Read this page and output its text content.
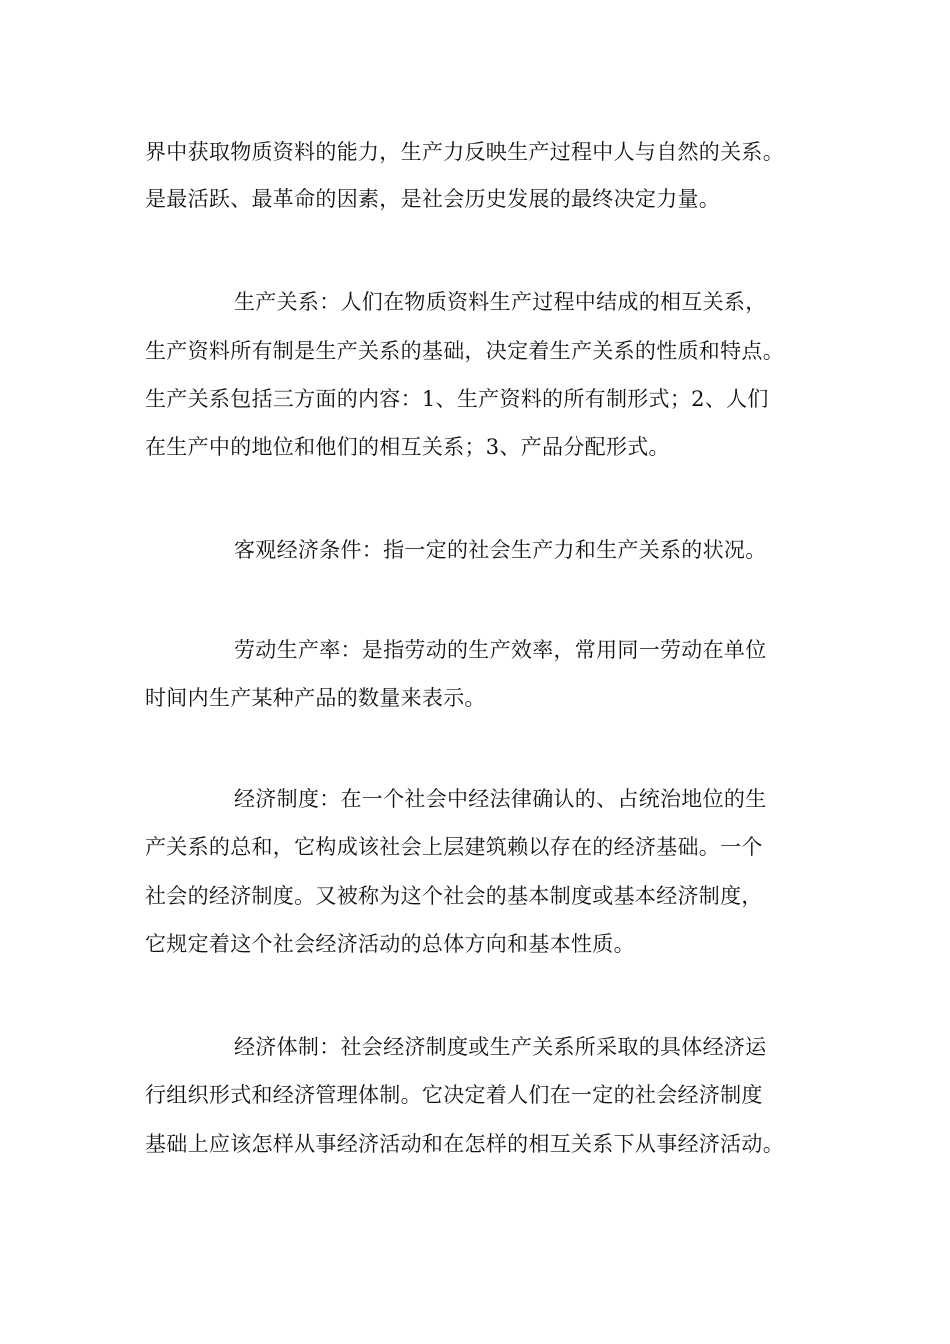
界中获取物质资料的能力，生产力反映生产过程中人与自然的关系。
是最活跃、最革命的因素，是社会历史发展的最终决定力量。
生产关系：人们在物质资料生产过程中结成的相互关系，
生产资料所有制是生产关系的基础，决定着生产关系的性质和特点。
生产关系包括三方面的内容：1、生产资料的所有制形式；2、人们
在生产中的地位和他们的相互关系；3、产品分配形式。
客观经济条件：指一定的社会生产力和生产关系的状况。
劳动生产率：是指劳动的生产效率，常用同一劳动在单位
时间内生产某种产品的数量来表示。
经济制度：在一个社会中经法律确认的、占统治地位的生
产关系的总和，它构成该社会上层建筑赖以存在的经济基础。一个
社会的经济制度。又被称为这个社会的基本制度或基本经济制度，
它规定着这个社会经济活动的总体方向和基本性质。
经济体制：社会经济制度或生产关系所采取的具体经济运
行组织形式和经济管理体制。它决定着人们在一定的社会经济制度
基础上应该怎样从事经济活动和在怎样的相互关系下从事经济活动。
